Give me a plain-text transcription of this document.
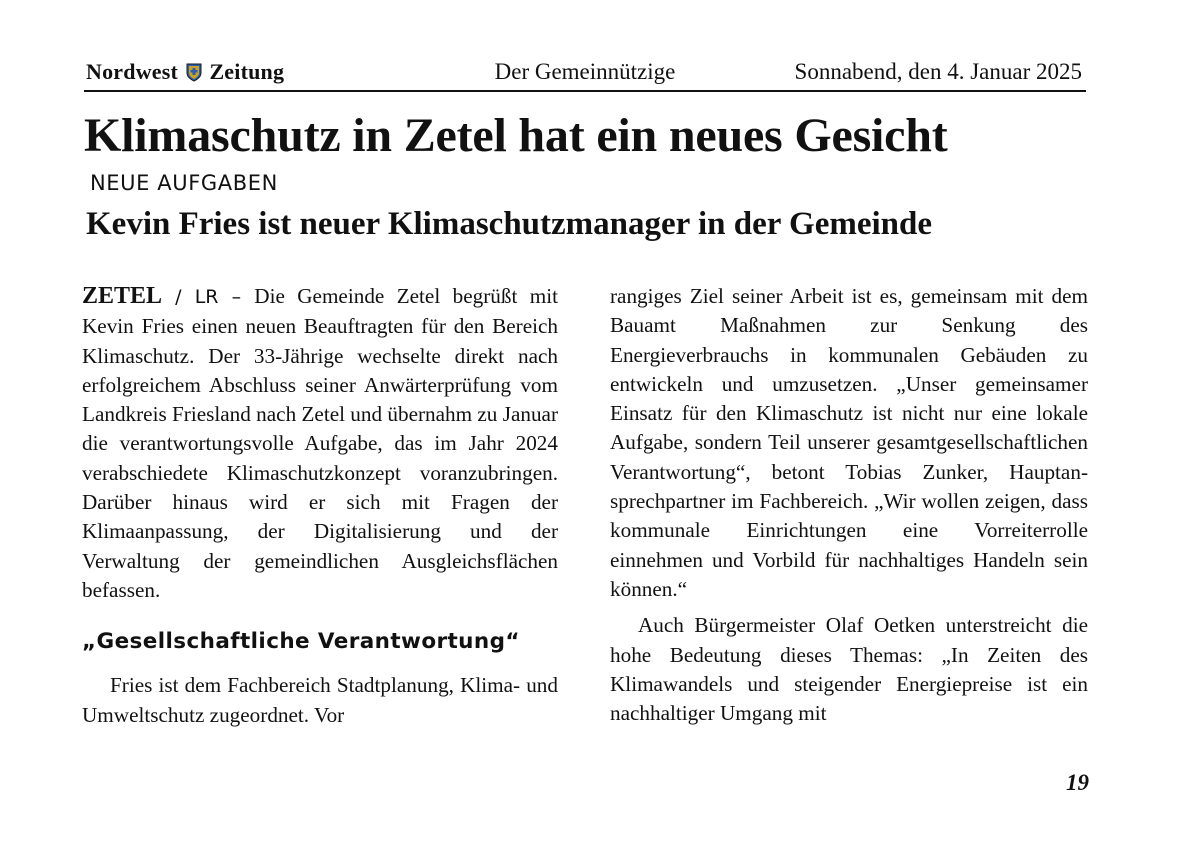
Nordwest Zeitung	Der Gemeinnützige	Sonnabend, den 4. Januar 2025
Klimaschutz in Zetel hat ein neues Gesicht
NEUE AUFGABEN
Kevin Fries ist neuer Klimaschutzmanager in der Gemeinde

ZETEL / LR – Die Gemeinde Zetel begrüßt mit Kevin Fries einen neuen Beauftragten für den Bereich Klimaschutz. Der 33-Jährige wechselte direkt nach erfolgreichem Abschluss seiner Anwärterprüfung vom Landkreis Friesland nach Zetel und übernahm zu Januar die verantwortungsvolle Aufgabe, das im Jahr 2024 verabschiedete Klimaschutzkonzept voranzubringen. Darüber hinaus wird er sich mit Fragen der Klimaanpassung, der Digitalisierung und der Verwaltung der gemeindlichen Ausgleichsflächen befassen.

„Gesellschaftliche Verantwortung“

Fries ist dem Fachbereich Stadtplanung, Klima- und Umweltschutz zugeordnet. Vor

rangiges Ziel seiner Arbeit ist es, gemeinsam mit dem Bauamt Maßnahmen zur Senkung des Energieverbrauchs in kommunalen Gebäuden zu entwickeln und umzusetzen. „Unser gemeinsamer Einsatz für den Klimaschutz ist nicht nur eine lokale Aufgabe, sondern Teil unserer gesamtgesellschaftlichen Verantwortung“, betont Tobias Zunker, Hauptansprechpartner im Fachbereich. „Wir wollen zeigen, dass kommunale Einrichtungen eine Vorreiterrolle einnehmen und Vorbild für nachhaltiges Handeln sein können.“

Auch Bürgermeister Olaf Oetken unterstreicht die hohe Bedeutung dieses Themas: „In Zeiten des Klimawandels und steigender Energiepreise ist ein nachhaltiger Umgang mit

19
